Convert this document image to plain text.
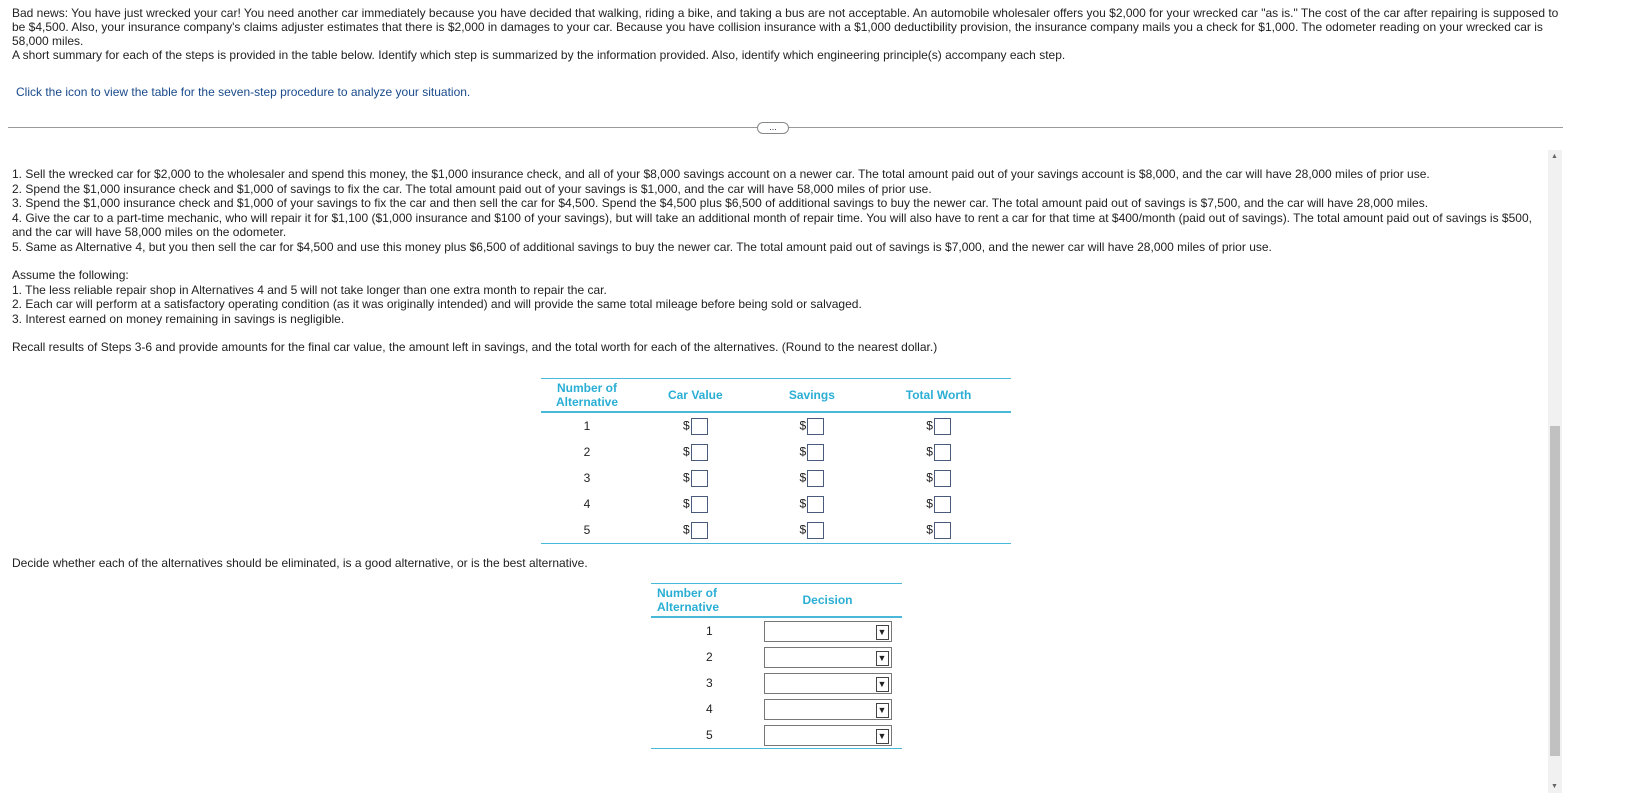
Bad news: You have just wrecked your car! You need another car immediately because you have decided that walking, riding a bike, and taking a bus are not acceptable. An automobile wholesaler offers you $2,000 for your wrecked car "as is." The cost of the car after repairing is supposed to be $4,500. Also, your insurance company's claims adjuster estimates that there is $2,000 in damages to your car. Because you have collision insurance with a $1,000 deductibility provision, the insurance company mails you a check for $1,000. The odometer reading on your wrecked car is 58,000 miles.

A short summary for each of the steps is provided in the table below. Identify which step is summarized by the information provided. Also, identify which engineering principle(s) accompany each step.

Click the icon to view the table for the seven-step procedure to analyze your situation.
...

1. Sell the wrecked car for $2,000 to the wholesaler and spend this money, the $1,000 insurance check, and all of your $8,000 savings account on a newer car. The total amount paid out of your savings account is $8,000, and the car will have 28,000 miles of prior use.

2. Spend the $1,000 insurance check and $1,000 of savings to fix the car. The total amount paid out of your savings is $1,000, and the car will have 58,000 miles of prior use.

3. Spend the $1,000 insurance check and $1,000 of your savings to fix the car and then sell the car for $4,500. Spend the $4,500 plus $6,500 of additional savings to buy the newer car. The total amount paid out of savings is $7,500, and the car will have 28,000 miles.

4. Give the car to a part-time mechanic, who will repair it for $1,100 ($1,000 insurance and $100 of your savings), but will take an additional month of repair time. You will also have to rent a car for that time at $400/month (paid out of savings). The total amount paid out of savings is $500, and the car will have 58,000 miles on the odometer.

5. Same as Alternative 4, but you then sell the car for $4,500 and use this money plus $6,500 of additional savings to buy the newer car. The total amount paid out of savings is $7,000, and the newer car will have 28,000 miles of prior use.

Assume the following:

1. The less reliable repair shop in Alternatives 4 and 5 will not take longer than one extra month to repair the car.

2. Each car will perform at a satisfactory operating condition (as it was originally intended) and will provide the same total mileage before being sold or salvaged.

3. Interest earned on money remaining in savings is negligible.

Recall results of Steps 3-6 and provide amounts for the final car value, the amount left in savings, and the total worth for each of the alternatives. (Round to the nearest dollar.)

Number of Alternative	Car Value	Savings	Total Worth
1	$	$	$
2	$	$	$
3	$	$	$
4	$	$	$
5	$	$	$

Decide whether each of the alternatives should be eliminated, is a good alternative, or is the best alternative.

Number of Alternative	Decision
1	▼

2	▼

3	▼

4	▼

5	▼
▲
▼
